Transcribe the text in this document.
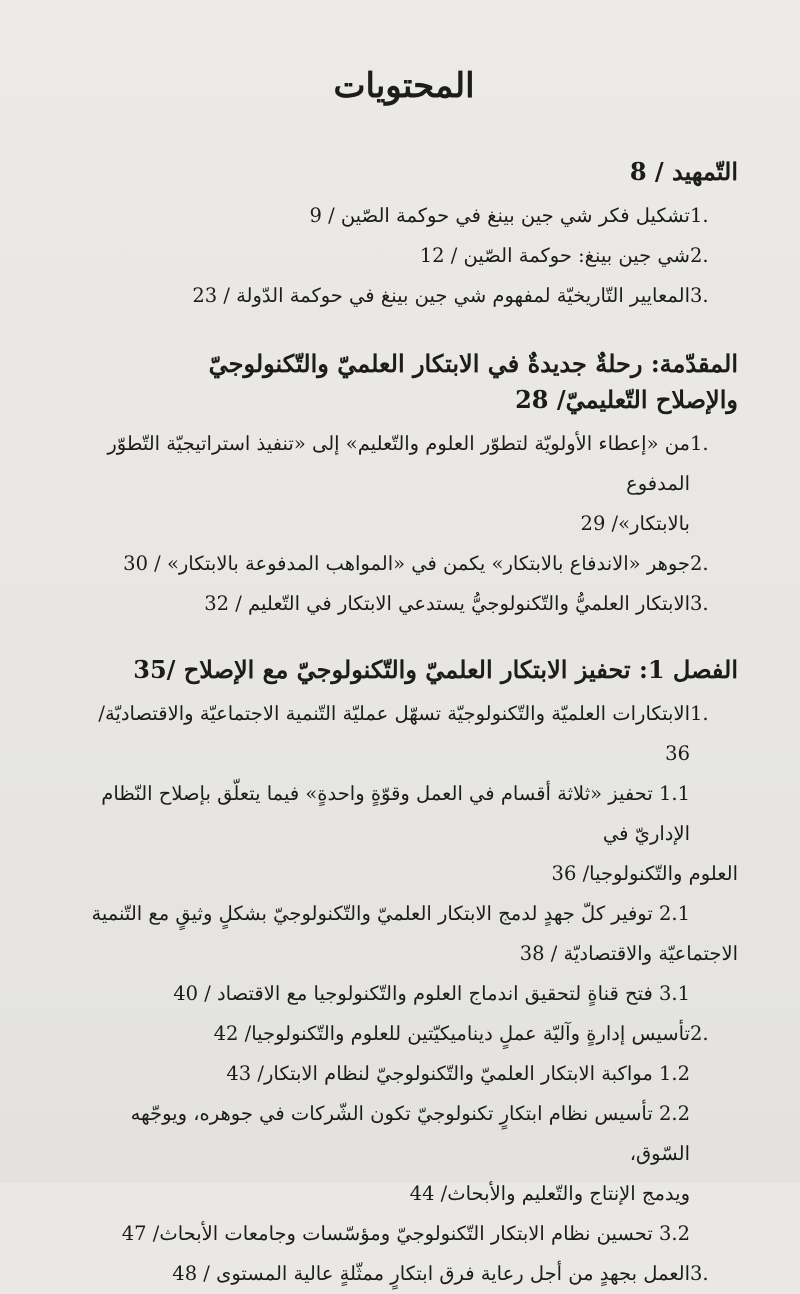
المحتويات
التّمهيد / 8
1.
تشكيل فكر شي جين بينغ في حوكمة الصّين / 9
2.
شي جين بينغ: حوكمة الصّين / 12
3.
المعايير التّاريخيّة لمفهوم شي جين بينغ في حوكمة الدّولة / 23
المقدّمة: رحلةٌ جديدةٌ في الابتكار العلميّ والتّكنولوجيّ
والإصلاح التّعليميّ/ 28
1.
من «إعطاء الأولويّة لتطوّر العلوم والتّعليم» إلى «تنفيذ استراتيجيّة التّطوّر المدفوع
بالابتكار»/ 29
2.
جوهر «الاندفاع بالابتكار» يكمن في «المواهب المدفوعة بالابتكار» / 30
3.
الابتكار العلميُّ والتّكنولوجيُّ يستدعي الابتكار في التّعليم / 32
الفصل 1: تحفيز الابتكار العلميّ والتّكنولوجيّ مع الإصلاح /35
1.
الابتكارات العلميّة والتّكنولوجيّة تسهّل عمليّة التّنمية الاجتماعيّة والاقتصاديّة/ 36
1.1 تحفيز «ثلاثة أقسام في العمل وقوّةٍ واحدةٍ» فيما يتعلّق بإصلاح النّظام الإداريّ في
العلوم والتّكنولوجيا/ 36
2.1 توفير كلّ جهدٍ لدمج الابتكار العلميّ والتّكنولوجيّ بشكلٍ وثيقٍ مع التّنمية
الاجتماعيّة والاقتصاديّة / 38
3.1 فتح قناةٍ لتحقيق اندماج العلوم والتّكنولوجيا مع الاقتصاد / 40
2.
تأسيس إدارةٍ وآليّة عملٍ ديناميكيّتين للعلوم والتّكنولوجيا/ 42
1.2 مواكبة الابتكار العلميّ والتّكنولوجيّ لنظام الابتكار/ 43
2.2 تأسيس نظام ابتكارٍ تكنولوجيّ تكون الشّركات في جوهره، ويوجّهه السّوق،
ويدمج الإنتاج والتّعليم والأبحاث/ 44
3.2 تحسين نظام الابتكار التّكنولوجيّ ومؤسّسات وجامعات الأبحاث/ 47
3.
العمل بجهدٍ من أجل رعاية فرق ابتكارٍ ممثّلةٍ عالية المستوى / 48
